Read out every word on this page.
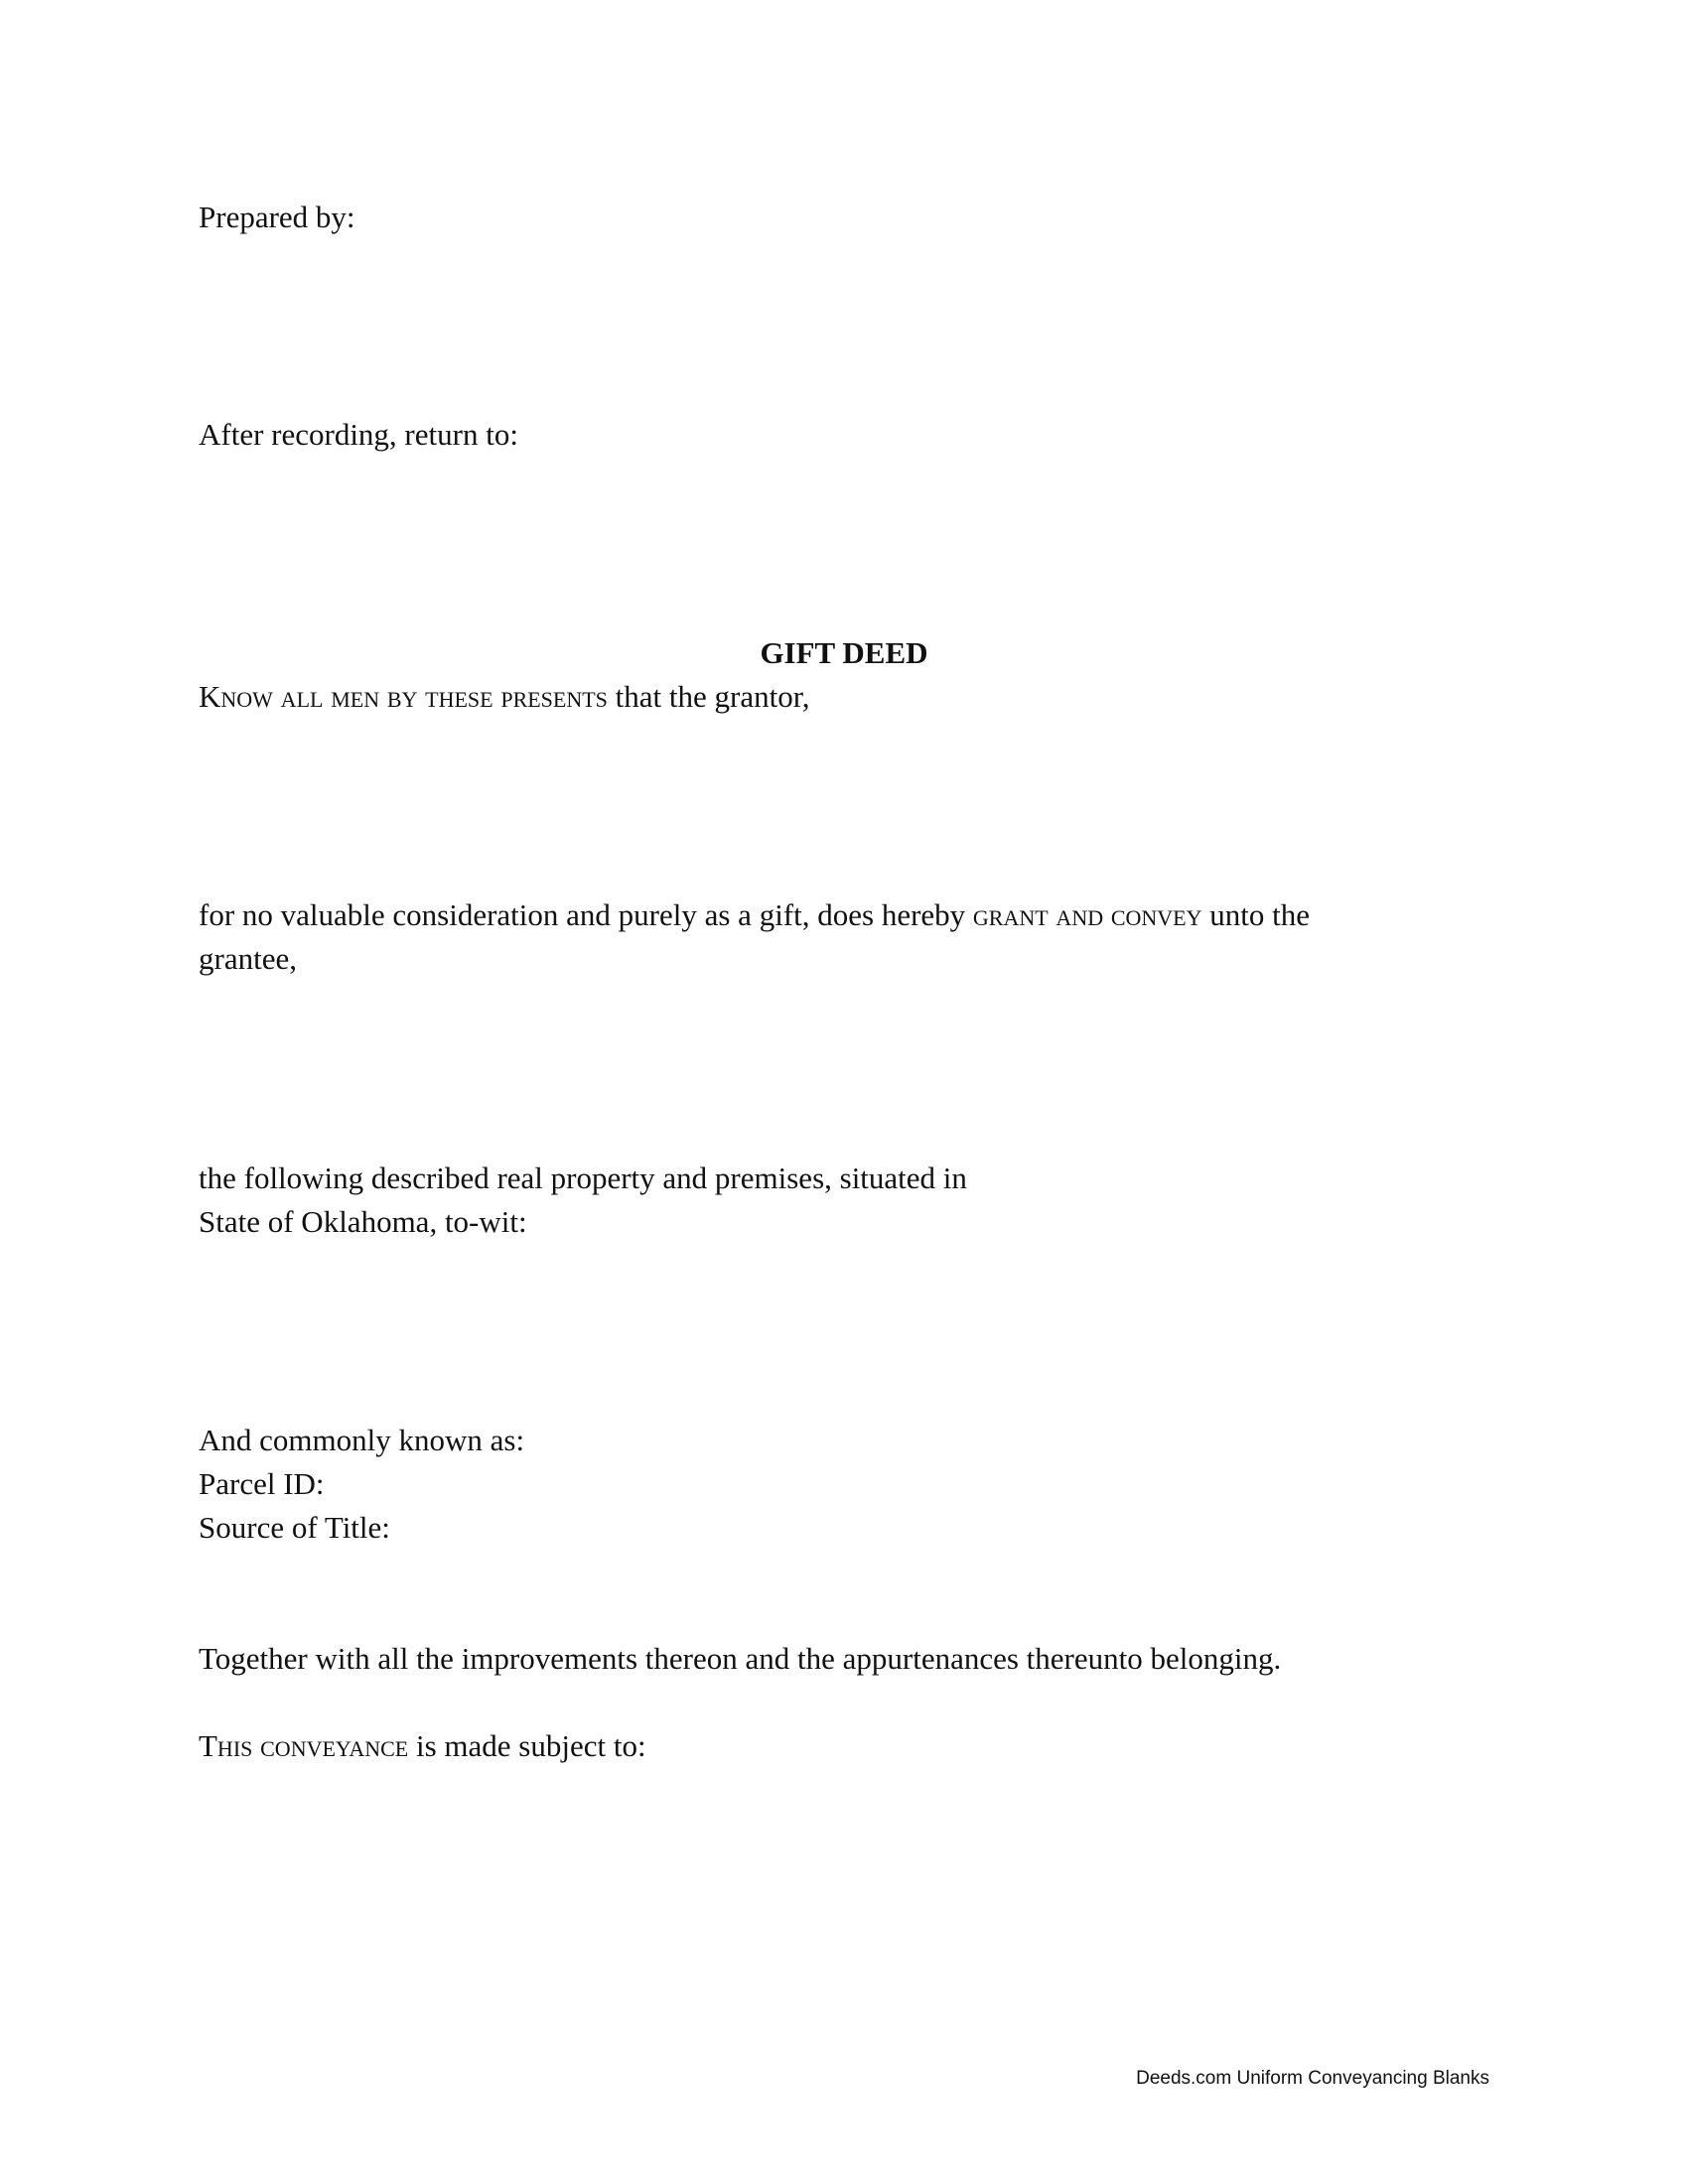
Prepared by:
After recording, return to:
GIFT DEED
Know all men by these presents that the grantor,
for no valuable consideration and purely as a gift, does hereby grant and convey unto the
grantee,
the following described real property and premises, situated in
State of Oklahoma, to-wit:
And commonly known as:
Parcel ID:
Source of Title:
Together with all the improvements thereon and the appurtenances thereunto belonging.
This conveyance is made subject to:
Deeds.com Uniform Conveyancing Blanks
